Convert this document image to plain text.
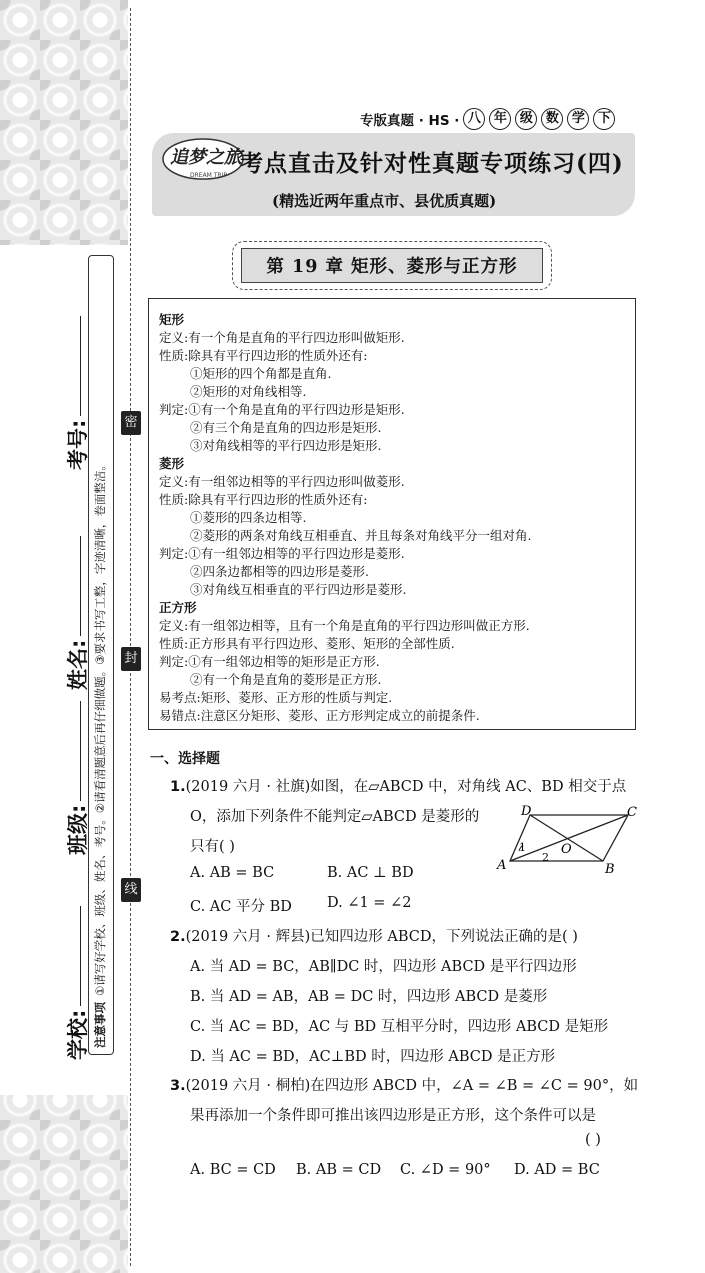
密
封
线
考号:
姓名:
班级:
学校: 注意事项①请写好学校、班级、姓名、考号。②请看清题意后再仔细做题。③要求书写工整，字迹清晰，卷面整洁。
专版真题 · HS · 八 年 级 数 学 下
追梦之旅
DREAM TRIP 考点直击及针对性真题专项练习(四)
(精选近两年重点市、县优质真题)
第 19 章 矩形、菱形与正方形
矩形
定义:有一个角是直角的平行四边形叫做矩形.
性质:除具有平行四边形的性质外还有:
①矩形的四个角都是直角.
②矩形的对角线相等.
判定:①有一个角是直角的平行四边形是矩形.
②有三个角是直角的四边形是矩形.
③对角线相等的平行四边形是矩形.
菱形
定义:有一组邻边相等的平行四边形叫做菱形.
性质:除具有平行四边形的性质外还有:
①菱形的四条边相等.
②菱形的两条对角线互相垂直、并且每条对角线平分一组对角.
判定:①有一组邻边相等的平行四边形是菱形.
②四条边都相等的四边形是菱形.
③对角线互相垂直的平行四边形是菱形.
正方形
定义:有一组邻边相等，且有一个角是直角的平行四边形叫做正方形.
性质:正方形具有平行四边形、菱形、矩形的全部性质.
判定:①有一组邻边相等的矩形是正方形.
②有一个角是直角的菱形是正方形.
易考点:矩形、菱形、正方形的性质与判定.
易错点:注意区分矩形、菱形、正方形判定成立的前提条件.
一、选择题
1.(2019 六月 · 社旗)如图，在▱ABCD 中，对角线 AC、BD 相交于点
O，添加下列条件不能判定▱ABCD 是菱形的
只有( )
A. AB = BC	B. AC ⊥ BD
C. AC 平分 BD D. ∠1 = ∠2
A	B
C
D
O
1
2
2.(2019 六月 · 辉县)已知四边形 ABCD，下列说法正确的是( )
A. 当 AD = BC，AB∥DC 时，四边形 ABCD 是平行四边形
B. 当 AD = AB，AB = DC 时，四边形 ABCD 是菱形
C. 当 AC = BD，AC 与 BD 互相平分时，四边形 ABCD 是矩形
D. 当 AC = BD，AC⊥BD 时，四边形 ABCD 是正方形
3.(2019 六月 · 桐柏)在四边形 ABCD 中，∠A = ∠B = ∠C = 90°，如
果再添加一个条件即可推出该四边形是正方形，这个条件可以是
( )
A. BC = CD B. AB = CD C. ∠D = 90° D. AD = BC
